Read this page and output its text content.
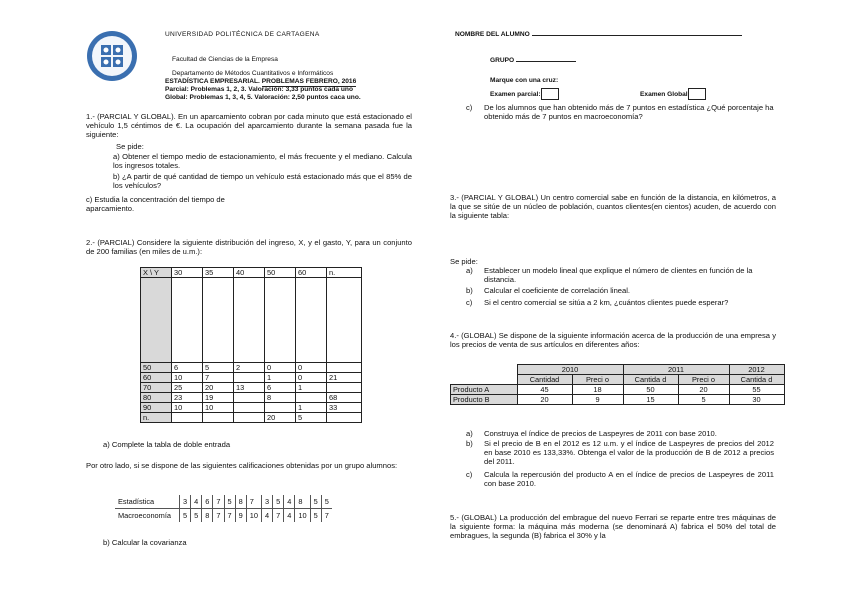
UNIVERSIDAD POLITÉCNICA DE CARTAGENA
Facultad de Ciencias de la Empresa
Departamento de Métodos Cuantitativos e Informáticos
ESTADÍSTICA EMPRESARIAL. PROBLEMAS FEBRERO, 2016
Parcial: Problemas 1, 2, 3. Valoración: 3,33 puntos cada uno
Global: Problemas 1, 3, 4, 5. Valoración: 2,50 puntos caca uno.
NOMBRE DEL ALUMNO
GRUPO
Marque con una cruz:
Examen parcial:	Examen Global
1.- (PARCIAL Y GLOBAL). En un aparcamiento cobran por cada minuto que está estacionado el vehículo 1,5 céntimos de €. La ocupación del aparcamiento durante la semana pasada fue la siguiente:
Se pide:
a) Obtener el tiempo medio de estacionamiento, el más frecuente y el mediano. Calcula los ingresos totales.
b) ¿A partir de qué cantidad de tiempo un vehículo está estacionado más que el 85% de los vehículos?
c) Estudia la concentración del tiempo de aparcamiento.
2.- (PARCIAL) Considere la siguiente distribución del ingreso, X, y el gasto, Y, para un conjunto de 200 familias (en miles de u.m.):
X \ Y	30	35	40	50	60	n.

50	6	5	2	0	0	
60	10	7		1	0	21
70	25	20	13	6	1	
80	23	19		8		68
90	10	10			1	33
n.				20	5	
a) Complete la tabla de doble entrada
Por otro lado, si se dispone de las siguientes calificaciones obtenidas por un grupo alumnos:
Estadística	3	4	6	7	5	8	7	3	5	4	8	5	5
Macroeconomía	5	5	8	7	7	9	10	4	7	4	10	5	7
b) Calcular la covarianza
c) De los alumnos que han obtenido más de 7 puntos en estadística ¿Qué porcentaje ha obtenido más de 7 puntos en macroeconomía?
3.- (PARCIAL Y GLOBAL) Un centro comercial sabe en función de la distancia, en kilómetros, a la que se sitúe de un núcleo de población, cuantos clientes(en cientos) acuden, de acuerdo con la siguiente tabla:
Se pide:
a) Establecer un modelo lineal que explique el número de clientes en función de la distancia.
b) Calcular el coeficiente de correlación lineal.
c) Si el centro comercial se sitúa a 2 km, ¿cuántos clientes puede esperar?
4.- (GLOBAL) Se dispone de la siguiente información acerca de la producción de una empresa y los precios de venta de sus artículos en diferentes años:
	2010		2011		2012
	Cantidad	Preci o	Cantida d	Preci o	Cantida d
Producto A	45	18	50	20	55
Producto B	20	9	15	5	30
a) Construya el índice de precios de Laspeyres de 2011 con base 2010.
b) Si el precio de B en el 2012 es 12 u.m. y el índice de Laspeyres de precios del 2012 en base 2010 es 133,33%. Obtenga el valor de la producción de B de 2012 a precios del 2011.
c) Calcula la repercusión del producto A en el índice de precios de Laspeyres de 2011 con base 2010.
5.- (GLOBAL) La producción del embrague del nuevo Ferrari se reparte entre tres máquinas de la siguiente forma: la máquina más moderna (se denominará A) fabrica el 50% del total de embragues, la segunda (B) fabrica el 30% y la
